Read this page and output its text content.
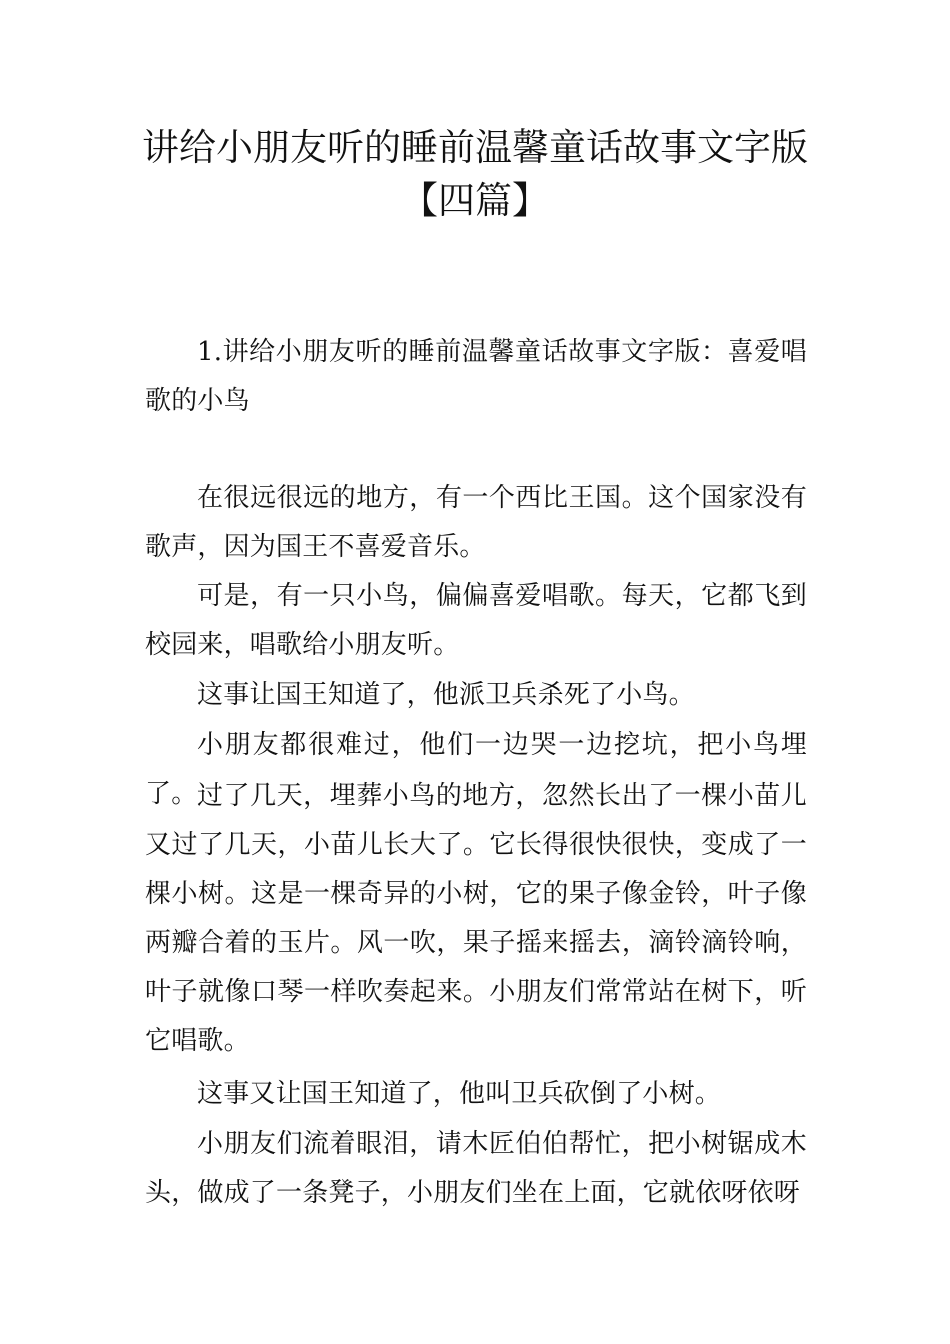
讲给小朋友听的睡前温馨童话故事文字版
【四篇】

1.讲给小朋友听的睡前温馨童话故事文字版：喜爱唱歌的小鸟

在很远很远的地方，有一个西比王国。这个国家没有歌声，因为国王不喜爱音乐。

可是，有一只小鸟，偏偏喜爱唱歌。每天，它都飞到校园来，唱歌给小朋友听。

这事让国王知道了，他派卫兵杀死了小鸟。

小朋友都很难过，他们一边哭一边挖坑，把小鸟埋了。 过了几天，埋葬小鸟的地方，忽然长出了一棵小苗儿又过了几天，小苗儿长大了。它长得很快很快，变成了一棵小树。这是一棵奇异的小树，它的果子像金铃，叶子像两瓣合着的玉片。风一吹，果子摇来摇去，滴铃滴铃响，叶子就像口琴一样吹奏起来。小朋友们常常站在树下，听它唱歌。

这事又让国王知道了，他叫卫兵砍倒了小树。

小朋友们流着眼泪，请木匠伯伯帮忙，把小树锯成木头，做成了一条凳子，小朋友们坐在上面，它就依呀依呀
